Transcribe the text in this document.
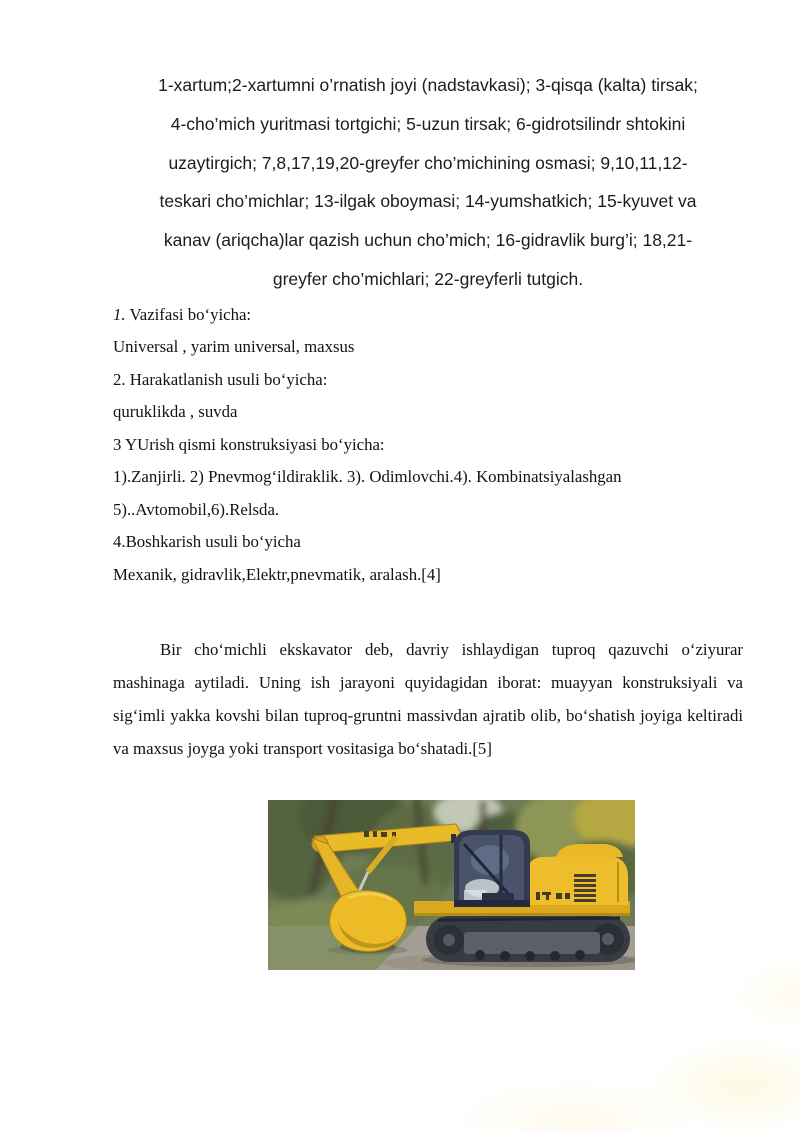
1-xartum;2-xartumni o’rnatish joyi (nadstavkasi); 3-qisqa (kalta) tirsak;
4-cho’mich yuritmasi tortgichi; 5-uzun tirsak; 6-gidrotsilindr shtokini
uzaytirgich; 7,8,17,19,20-greyfer cho’michining osmasi; 9,10,11,12-
teskari cho’michlar; 13-ilgak oboymasi; 14-yumshatkich; 15-kyuvet va
kanav (ariqcha)lar qazish uchun cho’mich; 16-gidravlik burg’i; 18,21-
greyfer cho’michlari; 22-greyferli tutgich.
1. Vazifasi bo‘yicha:
Universal , yarim universal, maxsus
2. Harakatlanish usuli bo‘yicha:
quruklikda , suvda
3 YUrish qismi konstruksiyasi bo‘yicha:
1).Zanjirli. 2) Pnevmog‘ildiraklik. 3). Odimlovchi.4). Kombinatsiyalashgan
5)..Avtomobil,6).Relsda.
4.Boshkarish usuli bo‘yicha
Mexanik, gidravlik,Elektr,pnevmatik, aralash.[4]

Bir cho‘michli ekskavator deb, davriy ishlaydigan tuproq qazuvchi o‘ziyurar mashinaga aytiladi. Uning ish jarayoni quyidagidan iborat: muayyan konstruksiyali va sig‘imli yakka kovshi bilan tuproq-gruntni massivdan ajratib olib, bo‘shatish joyiga keltiradi va maxsus joyga yoki transport vositasiga bo‘shatadi.[5]
